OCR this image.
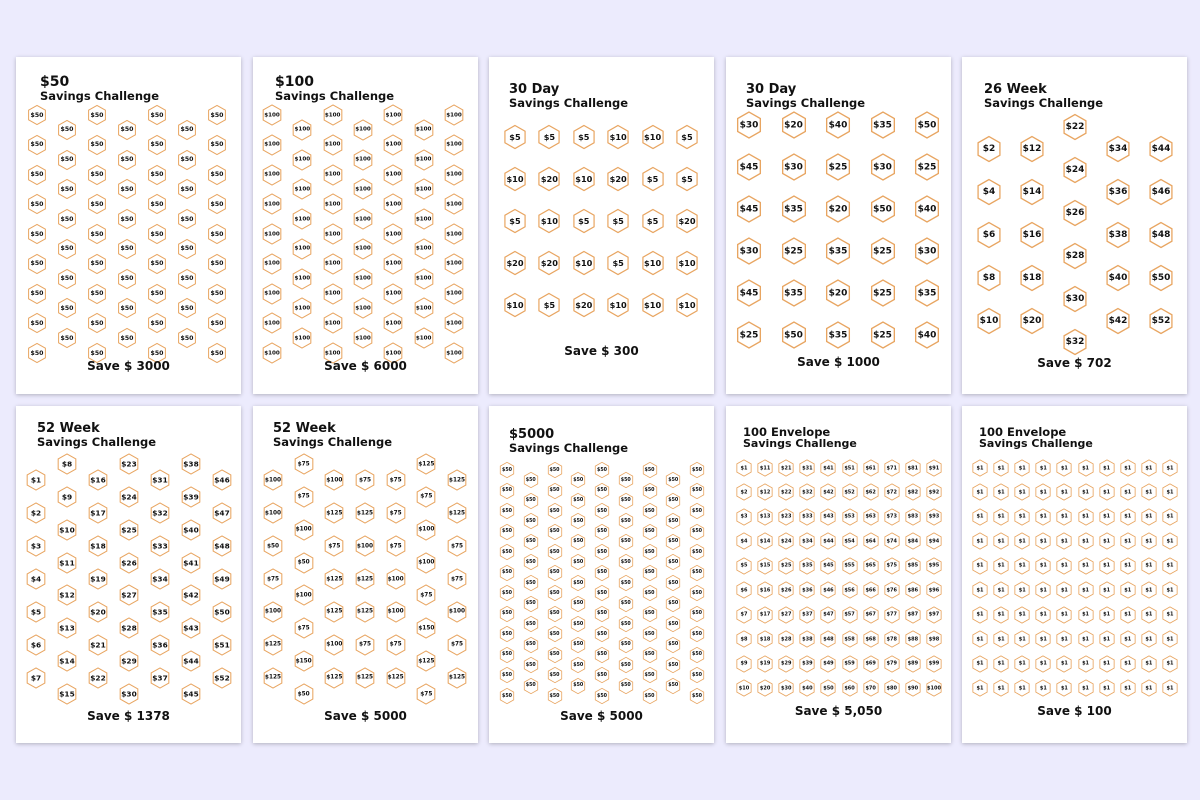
$50
Savings Challenge
$50
$50
$50
$50
$50
$50
$50
$50
$50
$50
$50
$50
$50
$50
$50
$50
$50
$50
$50
$50
$50
$50
$50
$50
$50
$50
$50
$50
$50
$50
$50
$50
$50
$50
$50
$50
$50
$50
$50
$50
$50
$50
$50
$50
$50
$50
$50
$50
$50
$50
$50
$50
$50
$50
$50
$50
$50
$50
$50
$50
Save $ 3000
$100
Savings Challenge
$100
$100
$100
$100
$100
$100
$100
$100
$100
$100
$100
$100
$100
$100
$100
$100
$100
$100
$100
$100
$100
$100
$100
$100
$100
$100
$100
$100
$100
$100
$100
$100
$100
$100
$100
$100
$100
$100
$100
$100
$100
$100
$100
$100
$100
$100
$100
$100
$100
$100
$100
$100
$100
$100
$100
$100
$100
$100
$100
$100
Save $ 6000
30 Day
Savings Challenge
$5
$10
$5
$20
$10
$5
$20
$10
$20
$5
$5
$10
$5
$10
$20
$10
$20
$5
$5
$10
$10
$5
$5
$10
$10
$5
$5
$20
$10
$10
Save $ 300
30 Day
Savings Challenge
$30
$45
$45
$30
$45
$25
$20
$30
$35
$25
$35
$50
$40
$25
$20
$35
$20
$35
$35
$30
$50
$25
$25
$25
$50
$25
$40
$30
$35
$40
Save $ 1000
26 Week
Savings Challenge
$2
$4
$6
$8
$10
$12
$14
$16
$18
$20
$22
$24
$26
$28
$30
$32
$34
$36
$38
$40
$42
$44
$46
$48
$50
$52
Save $ 702
52 Week
Savings Challenge
$1
$2
$3
$4
$5
$6
$7
$8
$9
$10
$11
$12
$13
$14
$15
$16
$17
$18
$19
$20
$21
$22
$23
$24
$25
$26
$27
$28
$29
$30
$31
$32
$33
$34
$35
$36
$37
$38
$39
$40
$41
$42
$43
$44
$45
$46
$47
$48
$49
$50
$51
$52
Save $ 1378
52 Week
Savings Challenge
$100
$100
$50
$75
$100
$125
$125
$75
$75
$100
$50
$100
$75
$150
$50
$100
$125
$75
$125
$125
$100
$125
$75
$125
$100
$125
$125
$75
$125
$75
$75
$75
$100
$100
$75
$125
$125
$75
$100
$100
$75
$150
$125
$75
$125
$125
$75
$75
$100
$75
$125
Save $ 5000
$5000
Savings Challenge
$50
$50
$50
$50
$50
$50
$50
$50
$50
$50
$50
$50
$50
$50
$50
$50
$50
$50
$50
$50
$50
$50
$50
$50
$50
$50
$50
$50
$50
$50
$50
$50
$50
$50
$50
$50
$50
$50
$50
$50
$50
$50
$50
$50
$50
$50
$50
$50
$50
$50
$50
$50
$50
$50
$50
$50
$50
$50
$50
$50
$50
$50
$50
$50
$50
$50
$50
$50
$50
$50
$50
$50
$50
$50
$50
$50
$50
$50
$50
$50
$50
$50
$50
$50
$50
$50
$50
$50
$50
$50
$50
$50
$50
$50
$50
$50
$50
$50
$50
$50
$50
$50
$50
$50
Save $ 5000
100 Envelope
Savings Challenge
$1
$2
$3
$4
$5
$6
$7
$8
$9
$10
$11
$12
$13
$14
$15
$16
$17
$18
$19
$20
$21
$22
$23
$24
$25
$26
$27
$28
$29
$30
$31
$32
$33
$34
$35
$36
$37
$38
$39
$40
$41
$42
$43
$44
$45
$46
$47
$48
$49
$50
$51
$52
$53
$54
$55
$56
$57
$58
$59
$60
$61
$62
$63
$64
$65
$66
$67
$68
$69
$70
$71
$72
$73
$74
$75
$76
$77
$78
$79
$80
$81
$82
$83
$84
$85
$86
$87
$88
$89
$90
$91
$92
$93
$94
$95
$96
$97
$98
$99
$100
Save $ 5,050
100 Envelope
Savings Challenge
$1
$1
$1
$1
$1
$1
$1
$1
$1
$1
$1
$1
$1
$1
$1
$1
$1
$1
$1
$1
$1
$1
$1
$1
$1
$1
$1
$1
$1
$1
$1
$1
$1
$1
$1
$1
$1
$1
$1
$1
$1
$1
$1
$1
$1
$1
$1
$1
$1
$1
$1
$1
$1
$1
$1
$1
$1
$1
$1
$1
$1
$1
$1
$1
$1
$1
$1
$1
$1
$1
$1
$1
$1
$1
$1
$1
$1
$1
$1
$1
$1
$1
$1
$1
$1
$1
$1
$1
$1
$1
$1
$1
$1
$1
$1
$1
$1
$1
$1
$1
Save $ 100
